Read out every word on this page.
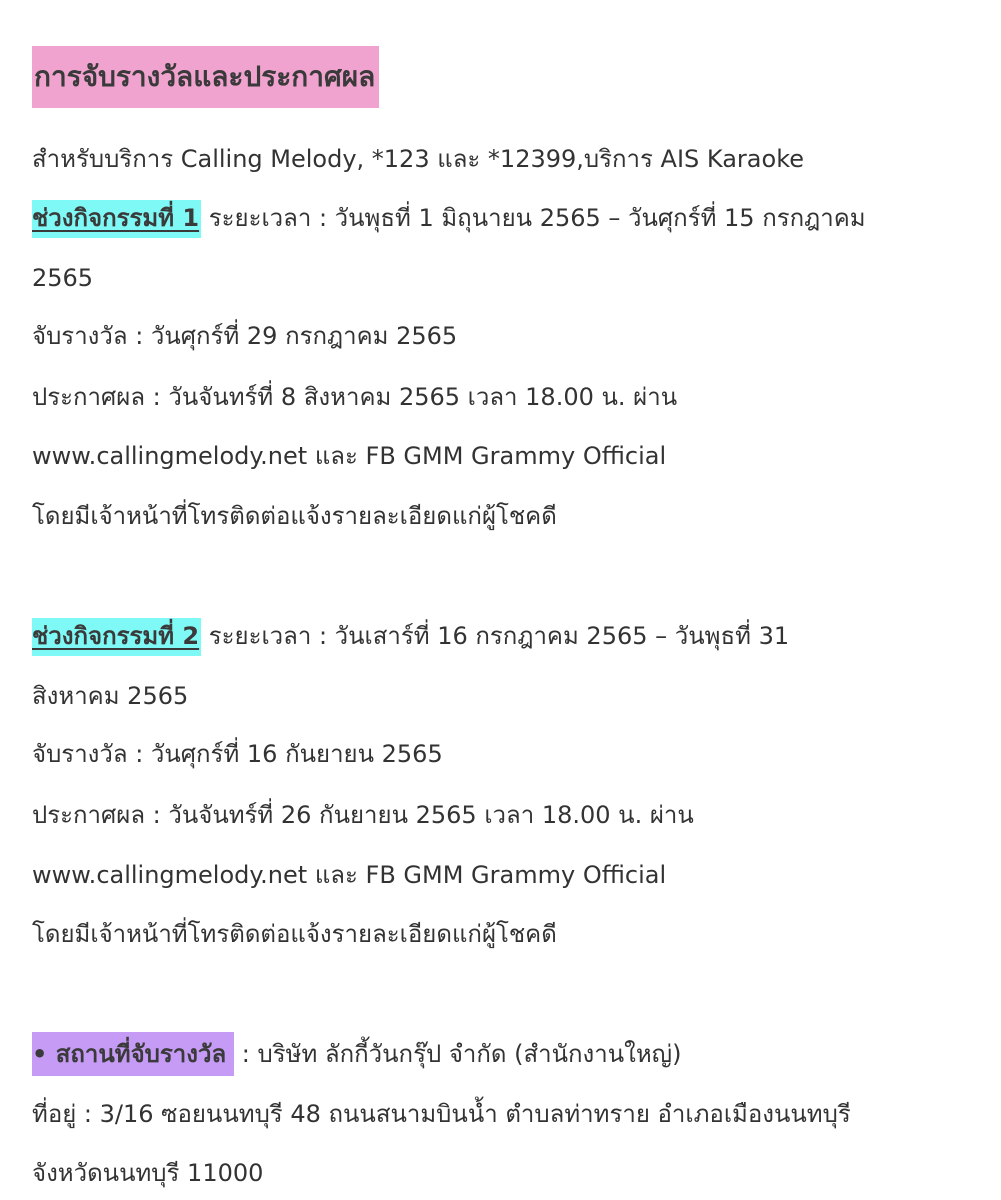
การจับรางวัลและประกาศผล
สำหรับบริการ Calling Melody, *123 และ *12399,บริการ AIS Karaoke
ช่วงกิจกรรมที่ 1 ระยะเวลา : วันพุธที่ 1 มิถุนายน 2565 – วันศุกร์ที่ 15 กรกฎาคม
2565
จับรางวัล : วันศุกร์ที่ 29 กรกฎาคม 2565
ประกาศผล : วันจันทร์ที่ 8 สิงหาคม 2565 เวลา 18.00 น. ผ่าน
www.callingmelody.net และ FB GMM Grammy Official
โดยมีเจ้าหน้าที่โทรติดต่อแจ้งรายละเอียดแก่ผู้โชคดี
ช่วงกิจกรรมที่ 2 ระยะเวลา : วันเสาร์ที่ 16 กรกฎาคม 2565 – วันพุธที่ 31
สิงหาคม 2565
จับรางวัล : วันศุกร์ที่ 16 กันยายน 2565
ประกาศผล : วันจันทร์ที่ 26 กันยายน 2565 เวลา 18.00 น. ผ่าน
www.callingmelody.net และ FB GMM Grammy Official
โดยมีเจ้าหน้าที่โทรติดต่อแจ้งรายละเอียดแก่ผู้โชคดี
• สถานที่จับรางวัล : บริษัท ลักกี้วันกรุ๊ป จำกัด (สำนักงานใหญ่)
ที่อยู่ : 3/16 ซอยนนทบุรี 48 ถนนสนามบินน้ำ ตำบลท่าทราย อำเภอเมืองนนทบุรี
จังหวัดนนทบุรี 11000
